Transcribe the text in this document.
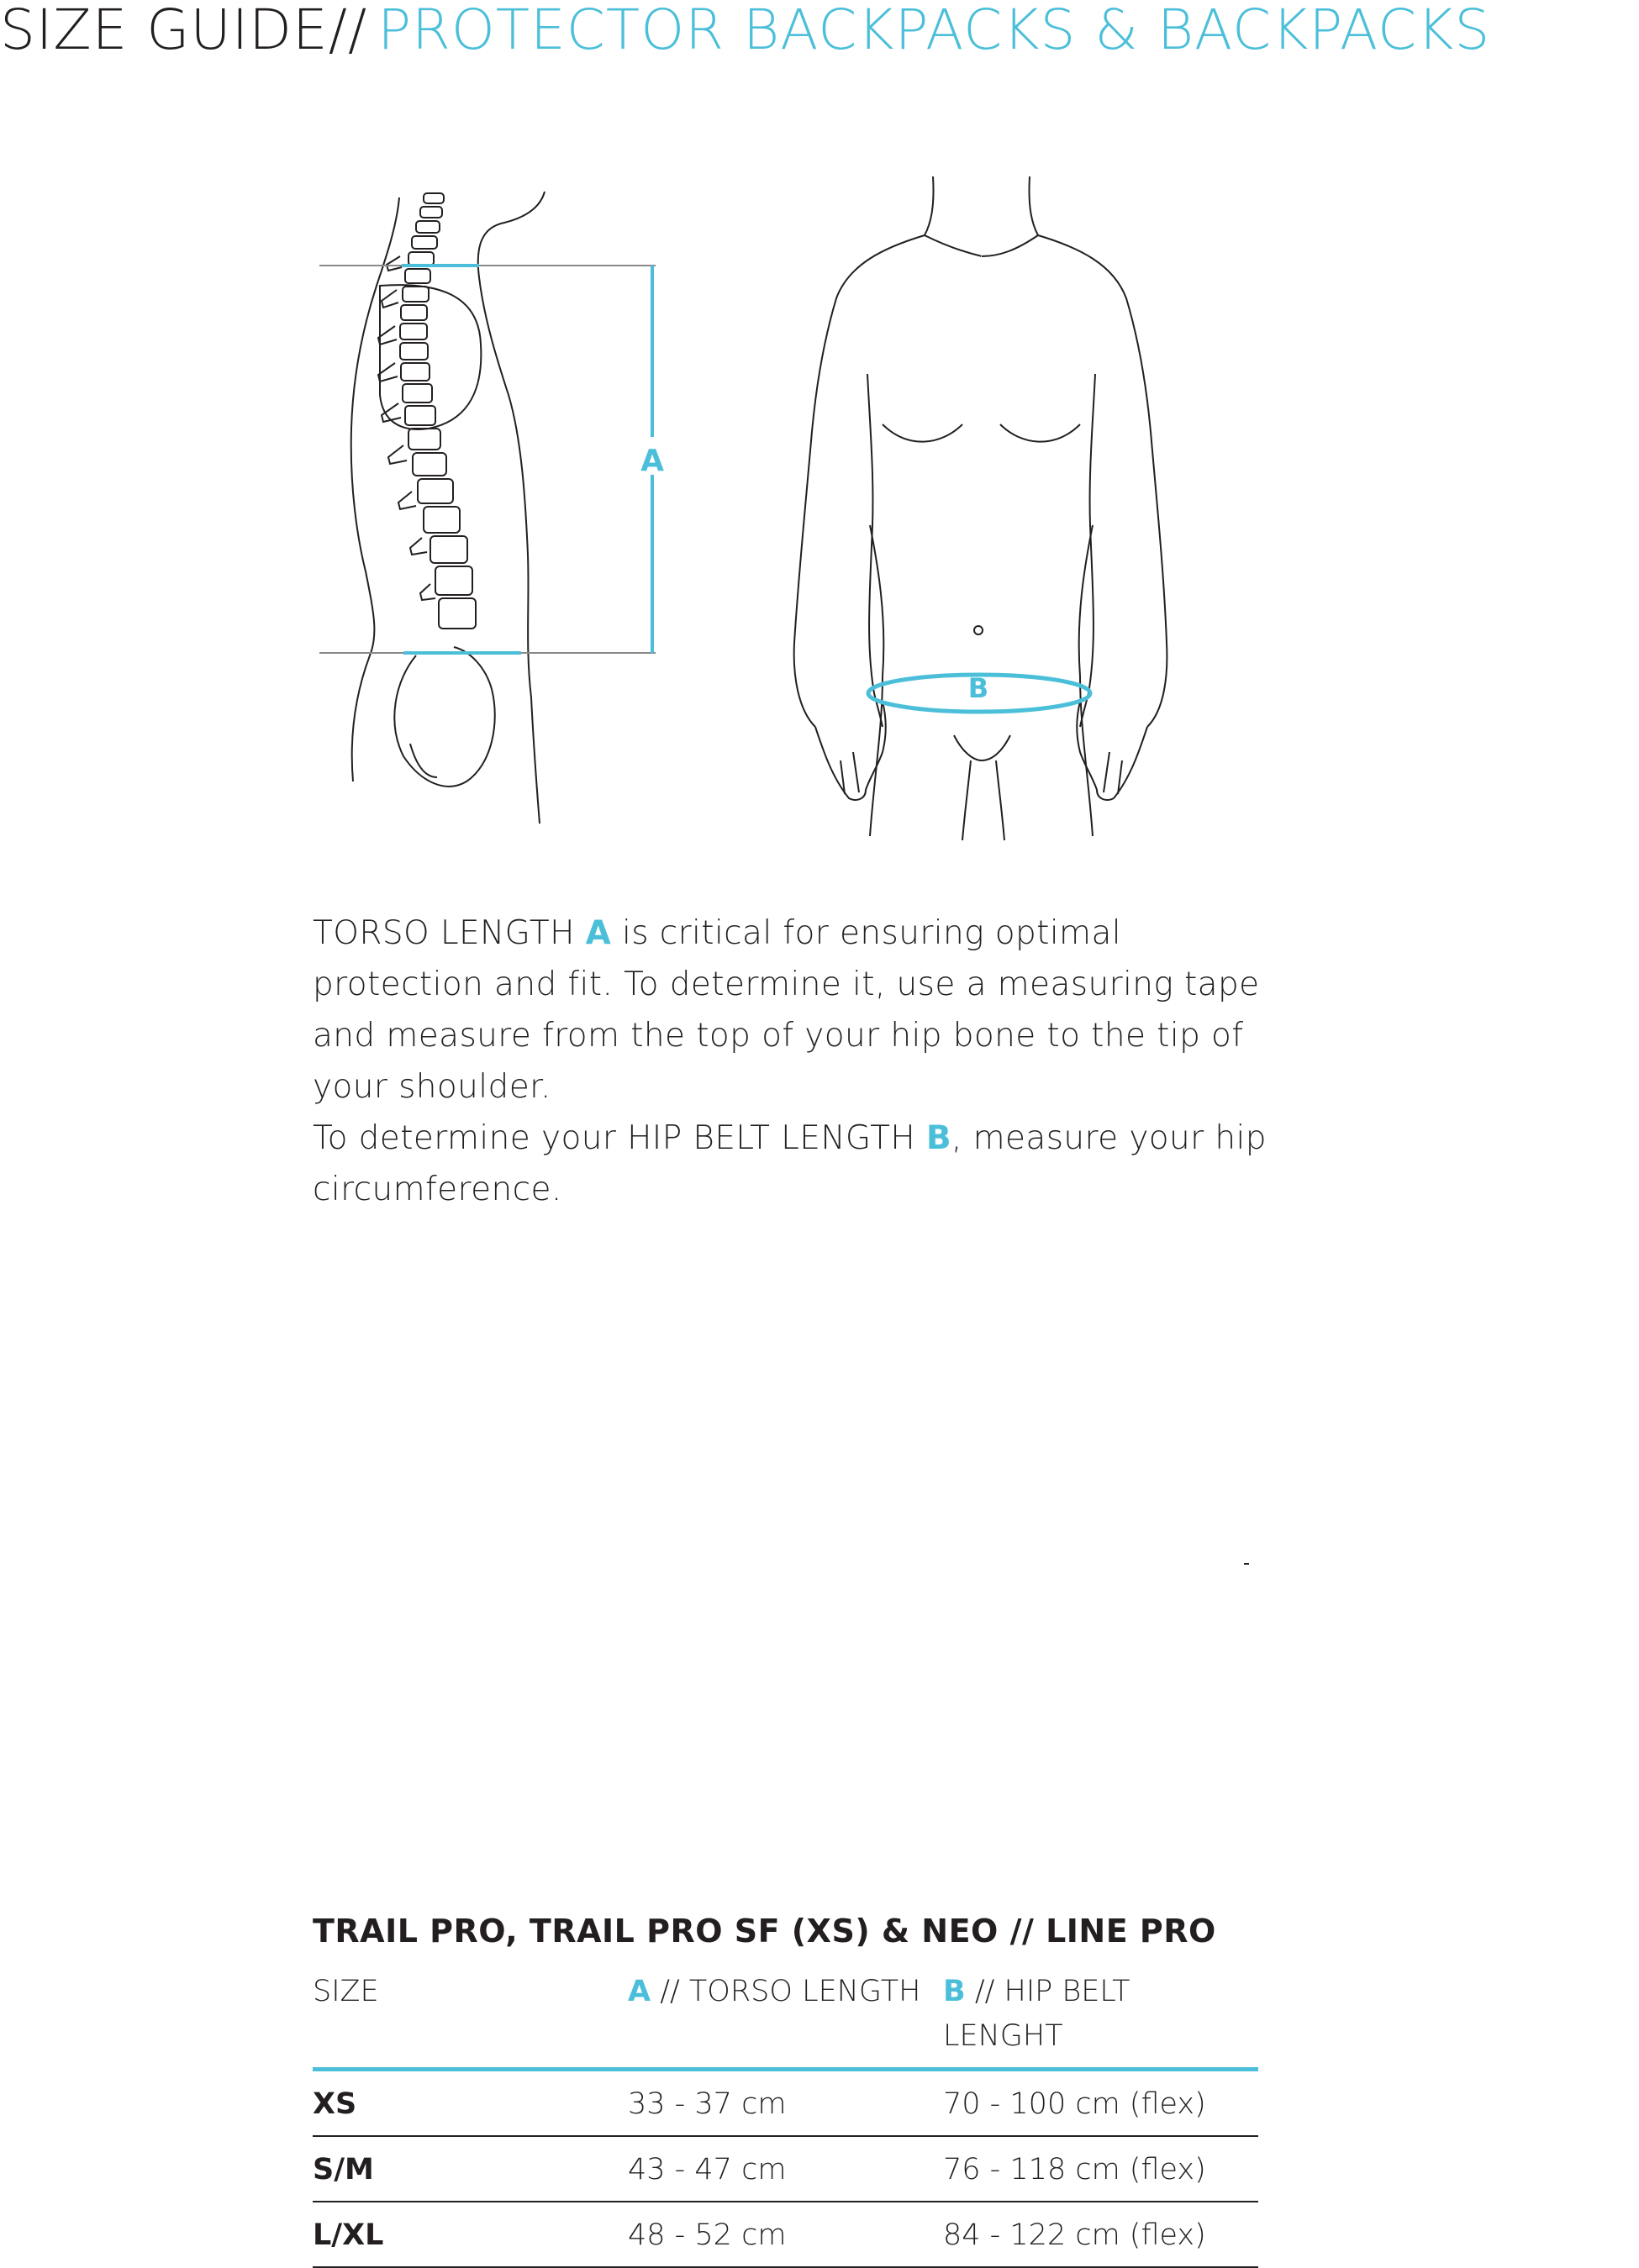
SIZE GUIDE// PROTECTOR BACKPACKS & BACKPACKS
A
B

TORSO LENGTH A is critical for ensuring optimal protection and fit. To determine it, use a measuring tape and measure from the top of your hip bone to the tip of your shoulder.

To determine your HIP BELT LENGTH B, measure your hip circumference.

TRAIL PRO, TRAIL PRO SF (XS) & NEO // LINE PRO
SIZE	A // TORSO LENGTH	B // HIP BELT LENGHT
XS	33 - 37 cm	70 - 100 cm (flex)
S/M	43 - 47 cm	76 - 118 cm (flex)
L/XL	48 - 52 cm	84 - 122 cm (flex)
